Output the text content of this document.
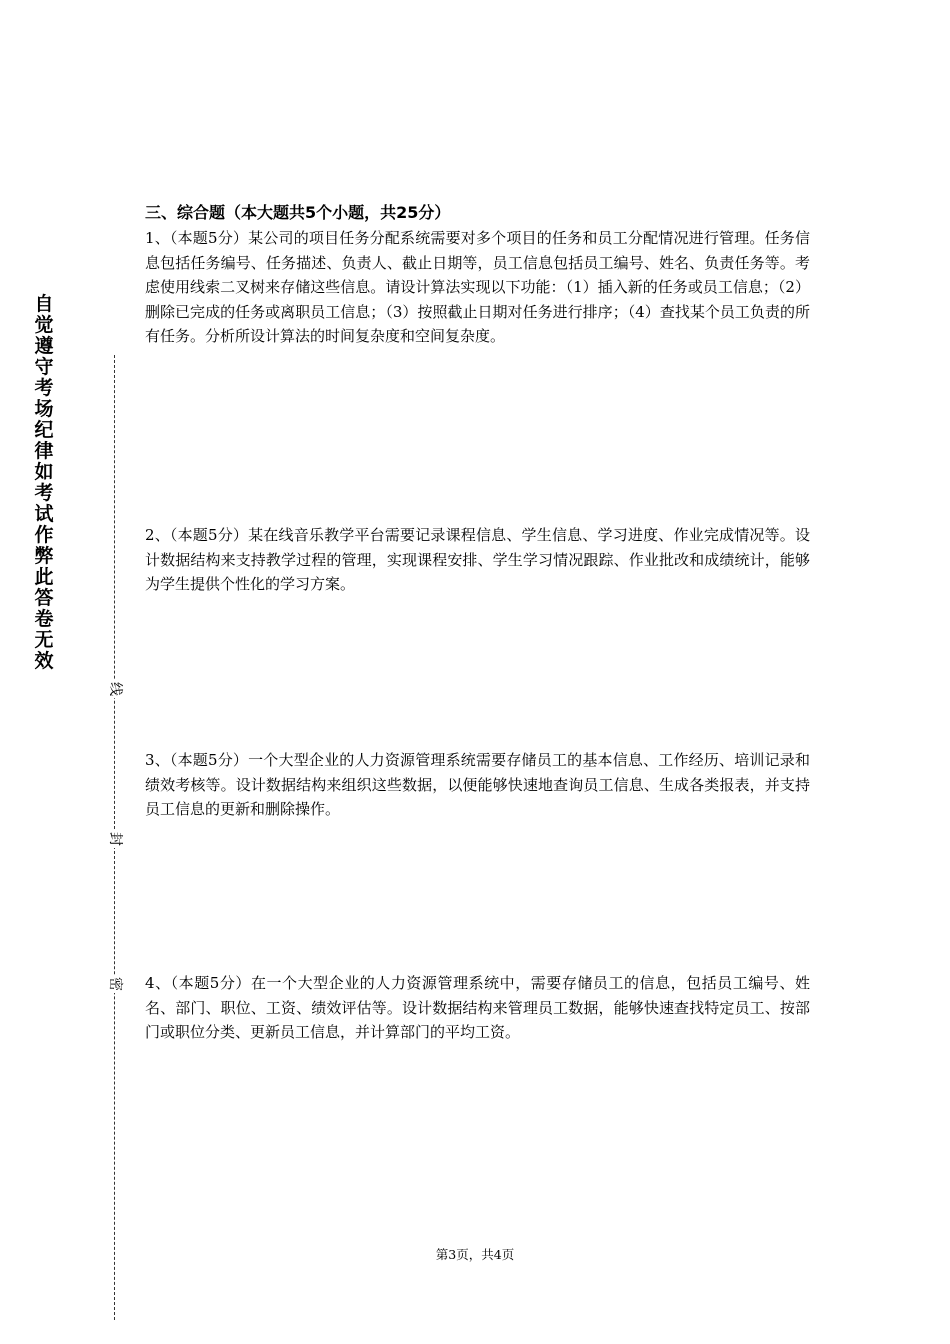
自觉遵守考场纪律如考试作弊此答卷无效
线
封
密
三、综合题（本大题共5个小题，共25分）
1、（本题5分）某公司的项目任务分配系统需要对多个项目的任务和员工分配情况进行管理。任务信息包括任务编号、任务描述、负责人、截止日期等，员工信息包括员工编号、姓名、负责任务等。考虑使用线索二叉树来存储这些信息。请设计算法实现以下功能：（1）插入新的任务或员工信息；（2）删除已完成的任务或离职员工信息；（3）按照截止日期对任务进行排序；（4）查找某个员工负责的所有任务。分析所设计算法的时间复杂度和空间复杂度。
2、（本题5分）某在线音乐教学平台需要记录课程信息、学生信息、学习进度、作业完成情况等。设计数据结构来支持教学过程的管理，实现课程安排、学生学习情况跟踪、作业批改和成绩统计，能够为学生提供个性化的学习方案。
3、（本题5分）一个大型企业的人力资源管理系统需要存储员工的基本信息、工作经历、培训记录和绩效考核等。设计数据结构来组织这些数据，以便能够快速地查询员工信息、生成各类报表，并支持员工信息的更新和删除操作。
4、（本题5分）在一个大型企业的人力资源管理系统中，需要存储员工的信息，包括员工编号、姓名、部门、职位、工资、绩效评估等。设计数据结构来管理员工数据，能够快速查找特定员工、按部门或职位分类、更新员工信息，并计算部门的平均工资。
第3页，共4页
